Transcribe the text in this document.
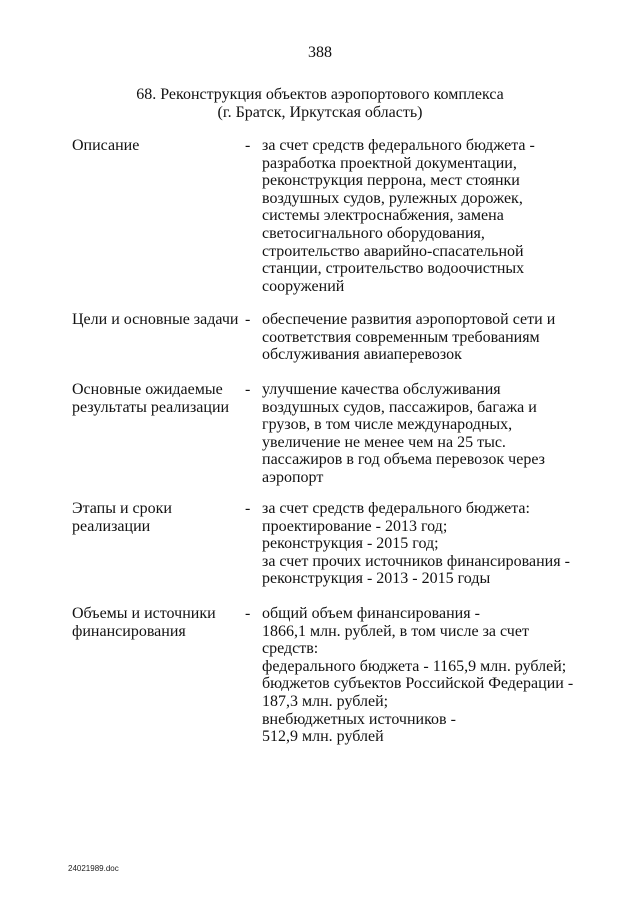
388
68. Реконструкция объектов аэропортового комплекса
(г. Братск, Иркутская область)
Описание	- за счет средств федерального бюджета -
разработка проектной документации,
реконструкция перрона, мест стоянки
воздушных судов, рулежных дорожек,
системы электроснабжения, замена
светосигнального оборудования,
строительство аварийно-спасательной
станции, строительство водоочистных
сооружений
Цели и основные задачи - обеспечение развития аэропортовой сети и
соответствия современным требованиям
обслуживания авиаперевозок
Основные ожидаемые
результаты реализации
- улучшение качества обслуживания
воздушных судов, пассажиров, багажа и
грузов, в том числе международных,
увеличение не менее чем на 25 тыс.
пассажиров в год объема перевозок через
аэропорт
Этапы и сроки
реализации
- за счет средств федерального бюджета:
проектирование - 2013 год;
реконструкция - 2015 год;
за счет прочих источников финансирования -
реконструкция - 2013 - 2015 годы
Объемы и источники
финансирования
- общий объем финансирования -
1866,1 млн. рублей, в том числе за счет
средств:
федерального бюджета - 1165,9 млн. рублей;
бюджетов субъектов Российской Федерации -
187,3 млн. рублей;
внебюджетных источников -
512,9 млн. рублей
24021989.doc
